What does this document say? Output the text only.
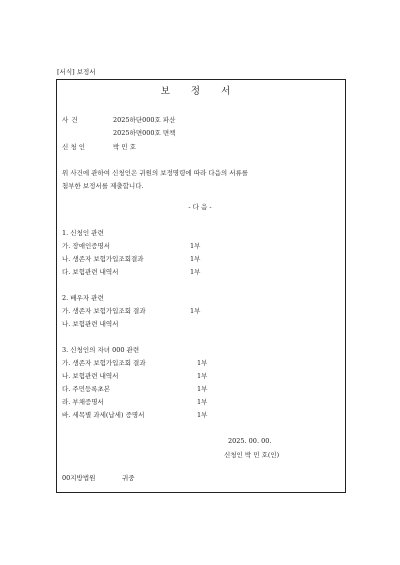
[서식] 보정서
보 정 서
사 건	2025하단000호 파산
2025하면000호 면책
신 청 인	박 민 호
위 사건에 관하여 신청인은 귀원의 보정명령에 따라 다음의 서류를
첨부한 보정서를 제출합니다.
- 다 음 -
1. 신청인 관련
가. 장애인증명서	1부
나. 생존자 보험가입조회결과	1부
다. 보험관련 내역서	1부
2. 배우자 관련
가. 생존자 보험가입조회 결과	1부
나. 보험관련 내역서
3. 신청인의 자녀 000 관련
가. 생존자 보험가입조회 결과	1부
나. 보험관련 내역서	1부
다. 주민등록초본	1부
라. 부채증명서	1부
바. 세목별 과세(납세) 증명서	1부
2025. 00. 00.
신청인 박 민 호(인)
00지방법원	귀중
